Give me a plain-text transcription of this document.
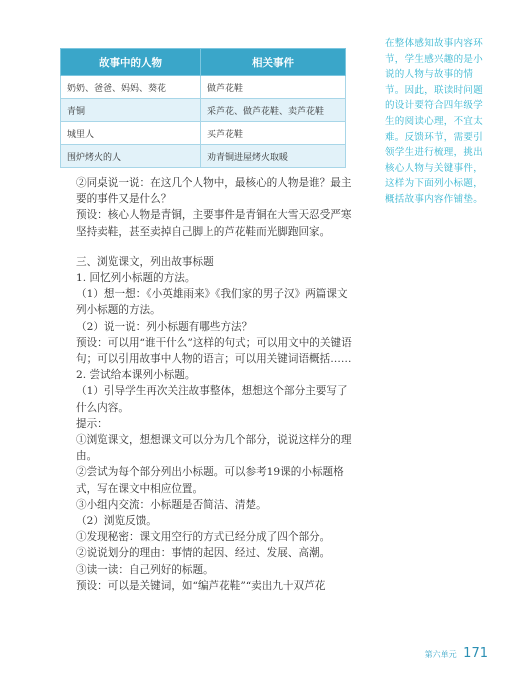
故事中的人物	相关事件
奶奶、爸爸、妈妈、葵花	做芦花鞋
青铜	采芦花、做芦花鞋、卖芦花鞋
城里人	买芦花鞋
围炉烤火的人	劝青铜进屋烤火取暖

②同桌说一说：在这几个人物中，最核心的人物是谁？最主要的事件又是什么？

预设：核心人物是青铜，主要事件是青铜在大雪天忍受严寒坚持卖鞋，甚至卖掉自己脚上的芦花鞋而光脚跑回家。

三、浏览课文，列出故事标题

1. 回忆列小标题的方法。

（1）想一想：《小英雄雨来》《我们家的男子汉》两篇课文列小标题的方法。

（2）说一说：列小标题有哪些方法？

预设：可以用“谁干什么”这样的句式；可以用文中的关键语句；可以引用故事中人物的语言；可以用关键词语概括……

2. 尝试给本课列小标题。

（1）引导学生再次关注故事整体，想想这个部分主要写了什么内容。

提示：

①浏览课文，想想课文可以分为几个部分，说说这样分的理由。

②尝试为每个部分列出小标题。可以参考19课的小标题格式，写在课文中相应位置。

③小组内交流：小标题是否简洁、清楚。

（2）浏览反馈。

①发现秘密：课文用空行的方式已经分成了四个部分。

②说说划分的理由：事情的起因、经过、发展、高潮。

③读一读：自己列好的标题。

预设：可以是关键词，如“编芦花鞋”“卖出九十双芦花

在整体感知故事内容环节，学生感兴趣的是小说的人物与故事的情节。因此，联读时问题的设计要符合四年级学生的阅读心理，不宜太难。反馈环节，需要引领学生进行梳理，挑出核心人物与关键事件，这样为下面列小标题，概括故事内容作铺垫。
第六单元 171
